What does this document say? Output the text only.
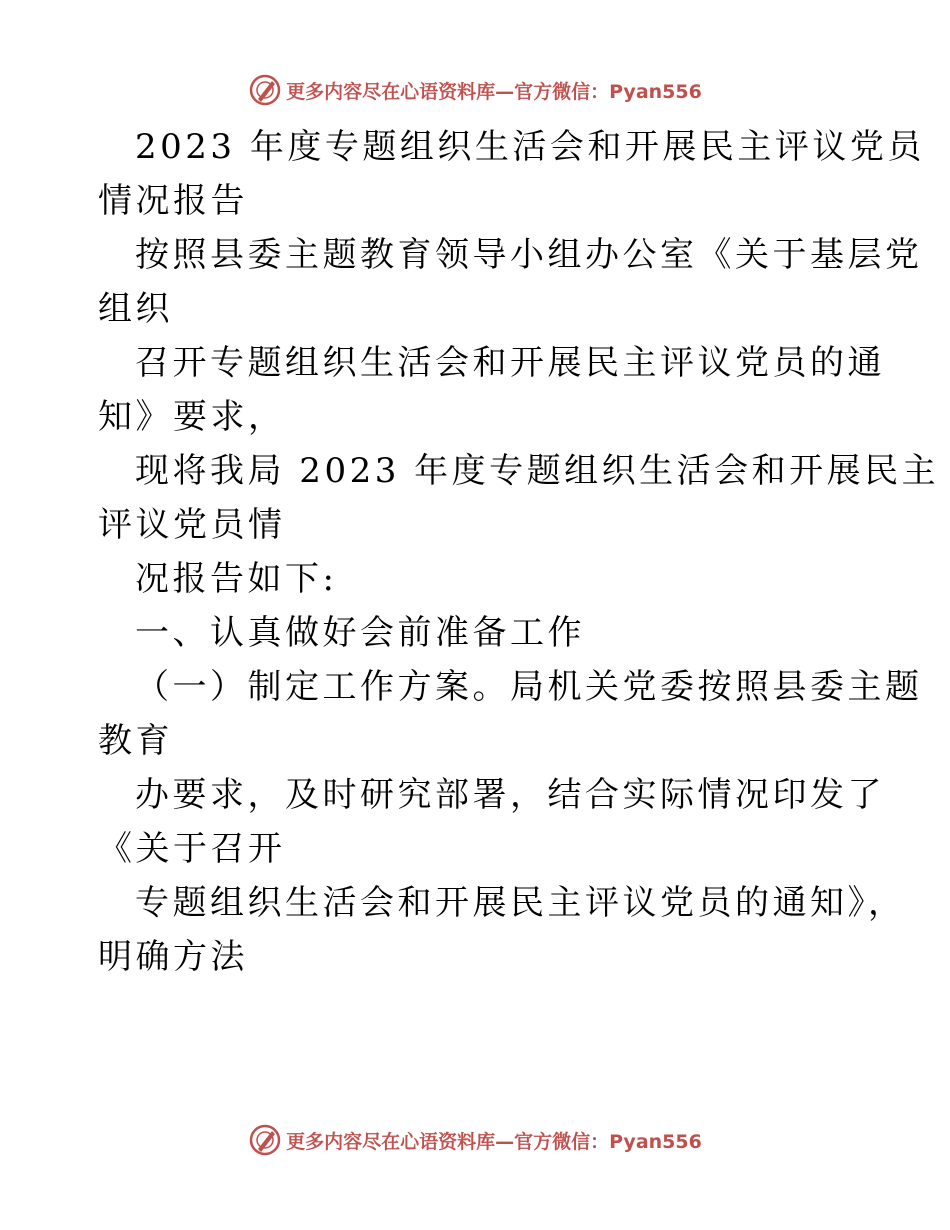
更多内容尽在心语资料库—官方微信：Pyan556
2023 年度专题组织生活会和开展民主评议党员
情况报告
按照县委主题教育领导小组办公室《关于基层党
组织
召开专题组织生活会和开展民主评议党员的通
知》要求，
现将我局 2023 年度专题组织生活会和开展民主
评议党员情
况报告如下:
一、认真做好会前准备工作
（一）制定工作方案。局机关党委按照县委主题
教育
办要求，及时研究部署，结合实际情况印发了
《关于召开
专题组织生活会和开展民主评议党员的通知》，
明确方法
更多内容尽在心语资料库—官方微信：Pyan556
